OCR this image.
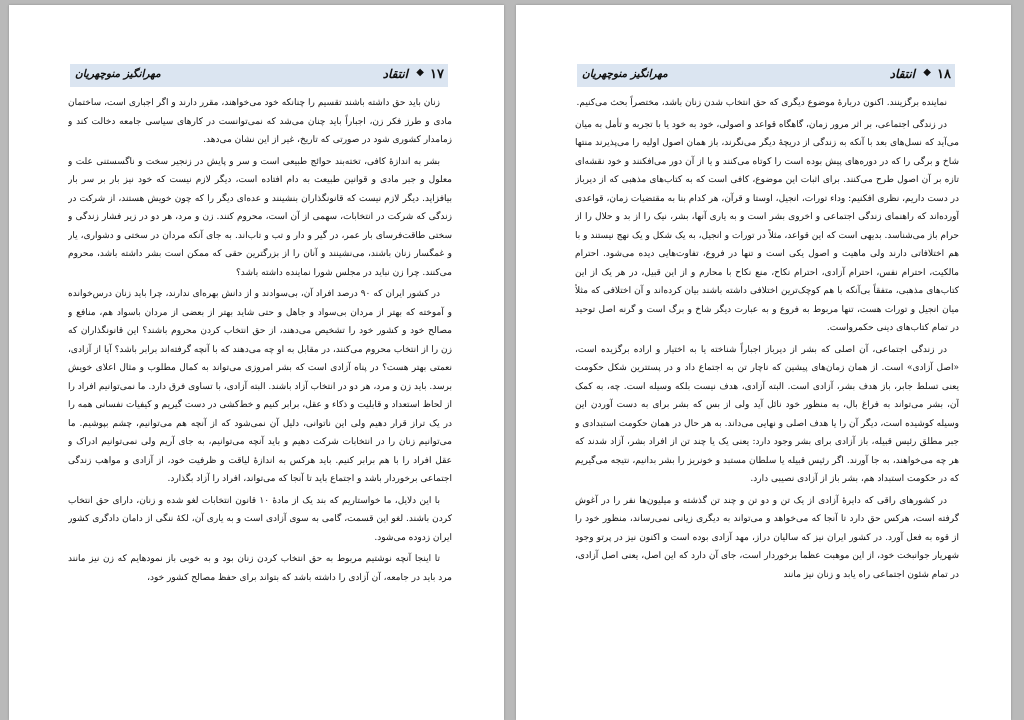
۱۷
◆
انتقاد
مهرانگیز منوچهریان

زنان باید حق داشته باشند تقسیم را چنانکه خود می‌خواهند، مقرر دارند و اگر اجباری است، ساختمان مادی و طرز فکر زن، اجباراً باید چنان می‌شد که نمی‌توانست در کارهای سیاسی جامعه دخالت کند و زمامدار کشوری شود در صورتی که تاریخ، غیر از این نشان می‌دهد.

بشر به اندازهٔ کافی، تخته‌بند حوائج طبیعی است و سر و پایش در زنجیر سخت و ناگسستنی علت و معلول و جبر مادی و قوانین طبیعت به دام افتاده است، دیگر لازم نیست که خود نیز بار بر سر بار بیافزاید. دیگر لازم نیست که قانونگذاران بنشینند و عده‌ای دیگر را که چون خویش هستند، از شرکت در زندگی که شرکت در انتخابات، سهمی از آن است، محروم کنند. زن و مرد، هر دو در زیر فشار زندگی و سختی طاقت‌فرسای بار عمر، در گیر و دار و تب و تاب‌اند. به جای آنکه مردان در سختی و دشواری، یار و غمگسار زنان باشند، می‌نشینند و آنان را از بزرگترین حقی که ممکن است بشر داشته باشد، محروم می‌کنند. چرا زن نباید در مجلس شورا نماینده داشته باشد؟

در کشور ایران که ۹۰ درصد افراد آن، بی‌سوادند و از دانش بهره‌ای ندارند، چرا باید زنان درس‌خوانده و آموخته که بهتر از مردان بی‌سواد و جاهل و حتی شاید بهتر از بعضی از مردان باسواد هم، منافع و مصالح خود و کشور خود را تشخیص می‌دهند، از حق انتخاب کردن محروم باشند؟ این قانونگذاران که زن را از انتخاب محروم می‌کنند، در مقابل به او چه می‌دهند که با آنچه گرفته‌اند برابر باشد؟ آیا از آزادی، نعمتی بهتر هست؟ در پناه آزادی است که بشر امروزی می‌تواند به کمال مطلوب و مثال اعلای خویش برسد. باید زن و مرد، هر دو در انتخاب آزاد باشند. البته آزادی، با تساوی فرق دارد. ما نمی‌توانیم افراد را از لحاظ استعداد و قابلیت و ذکاء و عقل، برابر کنیم و خط‌کشی در دست گیریم و کیفیات نفسانی همه را در یک تراز قرار دهیم ولی این ناتوانی، دلیل آن نمی‌شود که از آنچه هم می‌توانیم، چشم بپوشیم. ما می‌توانیم زنان را در انتخابات شرکت دهیم و باید آنچه می‌توانیم، به جای آریم ولی نمی‌توانیم ادراک و عقل افراد را با هم برابر کنیم. باید هرکس به اندازهٔ لیاقت و ظرفیت خود، از آزادی و مواهب زندگی اجتماعی برخوردار باشد و اجتماع باید تا آنجا که می‌تواند، افراد را آزاد بگذارد.

با این دلایل، ما خواستاریم که بند یک از مادهٔ ۱۰ قانون انتخابات لغو شده و زنان، دارای حق انتخاب کردن باشند. لغو این قسمت، گامی به سوی آزادی است و به یاری آن، لکهٔ ننگی از دامان دادگری کشور ایران زدوده می‌شود.

تا اینجا آنچه نوشتیم مربوط به حق انتخاب کردن زنان بود و به خوبی باز نمودهایم که زن نیز مانند مرد باید در جامعه، آن آزادی را داشته باشد که بتواند برای حفظ مصالح کشور خود،

۱۸
◆
انتقاد
مهرانگیز منوچهریان

نماینده برگزینند. اکنون دربارهٔ موضوع دیگری که حق انتخاب شدن زنان باشد، مختصراً بحث می‌کنیم.

در زندگی اجتماعی، بر اثر مرور زمان، گاهگاه قواعد و اصولی، خود به خود یا با تجربه و تأمل به میان می‌آید که نسل‌های بعد با آنکه به زندگی از دریچهٔ دیگر می‌نگرند، باز همان اصول اولیه را می‌پذیرند منتها شاخ و برگی را که در دوره‌های پیش بوده است را کوتاه می‌کنند و یا از آن دور می‌افکنند و خود نقشه‌ای تازه بر آن اصول طرح می‌کنند. برای اثبات این موضوع، کافی است که به کتاب‌های مذهبی که از دیرباز در دست داریم، نظری افکنیم: وداء تورات، انجیل، اوستا و قرآن، هر کدام بنا به مقتضیات زمان، قواعدی آورده‌اند که راهنمای زندگی اجتماعی و اخروی بشر است و به یاری آنها، بشر، نیک را از بد و حلال را از حرام باز می‌شناسد. بدیهی است که این قواعد، مثلاً در تورات و انجیل، به یک شکل و یک نهج نیستند و با هم اختلافاتی دارند ولی ماهیت و اصول یکی است و تنها در فروع، تفاوت‌هایی دیده می‌شود. احترام مالکیت، احترام نفس، احترام آزادی، احترام نکاح، منع نکاح با محارم و از این قبیل، در هر یک از این کتاب‌های مذهبی، متفقاً بی‌آنکه با هم کوچک‌ترین اختلافی داشته باشند بیان کرده‌اند و آن اختلافی که مثلاً میان انجیل و تورات هست، تنها مربوط به فروع و به عبارت دیگر شاخ و برگ است و گرنه اصل توحید در تمام کتاب‌های دینی حکمرواست.

در زندگی اجتماعی، آن اصلی که بشر از دیرباز اجباراً شناخته یا به اختیار و اراده برگزیده است، «اصل آزادی» است. از همان زمان‌های پیشین که ناچار تن به اجتماع داد و در پستترین شکل حکومت یعنی تسلط جابر، باز هدف بشر، آزادی است. البته آزادی، هدف نیست بلکه وسیله است. چه، به کمک آن، بشر می‌تواند به فراغ بال، به منظور خود نائل آید ولی از بس که بشر برای به دست آوردن این وسیله کوشیده است، دیگر آن را یا هدف اصلی و نهایی می‌داند. به هر حال در همان حکومت استبدادی و جبر مطلق رئیس قبیله، باز آزادی برای بشر وجود دارد: یعنی یک یا چند تن از افراد بشر، آزاد شدند که هر چه می‌خواهند، به جا آورند. اگر رئیس قبیله یا سلطان مستبد و خونریز را بشر بدانیم، نتیجه می‌گیریم که در حکومت استبداد هم، بشر باز از آزادی نصیبی دارد.

در کشورهای راقی که دایرهٔ آزادی از یک تن و دو تن و چند تن گذشته و میلیون‌ها نفر را در آغوش گرفته است، هرکس حق دارد تا آنجا که می‌خواهد و می‌تواند به دیگری زیانی نمی‌رساند، منظور خود را از قوه به فعل آورد. در کشور ایران نیز که سالیان دراز، مهد آزادی بوده است و اکنون نیز در پرتو وجود شهریار جوانبخت خود، از این موهبت عظما برخوردار است، جای آن دارد که این اصل، یعنی اصل آزادی، در تمام شئون اجتماعی راه یابد و زنان نیز مانند
